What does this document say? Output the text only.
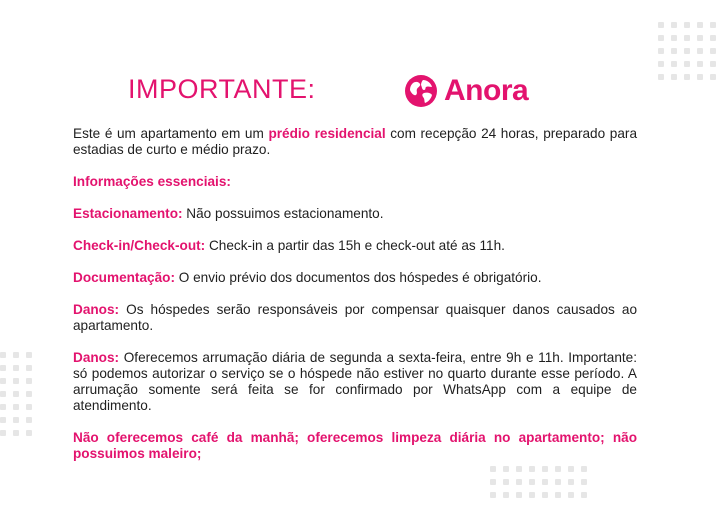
IMPORTANTE:	Anora

Este é um apartamento em um prédio residencial com recepção 24 horas, preparado para estadias de curto e médio prazo.

Informações essenciais:

Estacionamento: Não possuimos estacionamento.

Check-in/Check-out: Check-in a partir das 15h e check-out até as 11h.

Documentação: O envio prévio dos documentos dos hóspedes é obrigatório.

Danos: Os hóspedes serão responsáveis por compensar quaisquer danos causados ao apartamento.

Danos: Oferecemos arrumação diária de segunda a sexta-feira, entre 9h e 11h. Importante: só podemos autorizar o serviço se o hóspede não estiver no quarto durante esse período. A arrumação somente será feita se for confirmado por WhatsApp com a equipe de atendimento.

Não oferecemos café da manhã; oferecemos limpeza diária no apartamento; não possuimos maleiro;
